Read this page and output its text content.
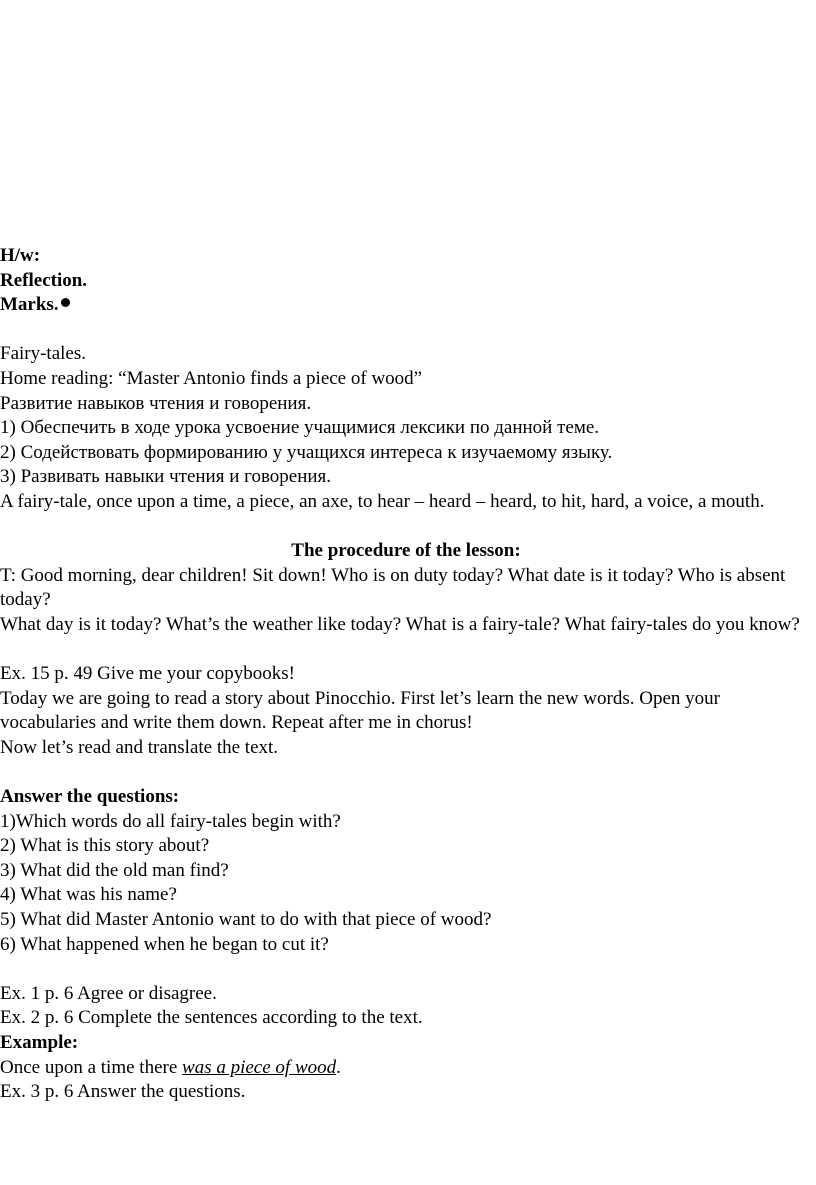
H/w:

Reflection.

Marks.

Fairy-tales.

Home reading: “Master Antonio finds a piece of wood”

Развитие навыков чтения и говорения.

1) Обеспечить в ходе урока усвоение учащимися лексики по данной теме.

2) Содействовать формированию у учащихся интереса к изучаемому языку.

3) Развивать навыки чтения и говорения.

A fairy-tale, once upon a time, a piece, an axe, to hear – heard – heard, to hit, hard, a voice, a mouth.

The procedure of the lesson:

T: Good morning, dear children! Sit down! Who is on duty today? What date is it today? Who is absent today?

What day is it today? What’s the weather like today? What is a fairy-tale? What fairy-tales do you know?

Ex. 15 p. 49 Give me your copybooks!

Today we are going to read a story about Pinocchio. First let’s learn the new words. Open your vocabularies and write them down. Repeat after me in chorus!

Now let’s read and translate the text.

Answer the questions:

1)Which words do all fairy-tales begin with?

2) What is this story about?

3) What did the old man find?

4) What was his name?

5) What did Master Antonio want to do with that piece of wood?

6) What happened when he began to cut it?

Ex. 1 p. 6 Agree or disagree.

Ex. 2 p. 6 Complete the sentences according to the text.

Example:

Once upon a time there was a piece of wood.

Ex. 3 p. 6 Answer the questions.
